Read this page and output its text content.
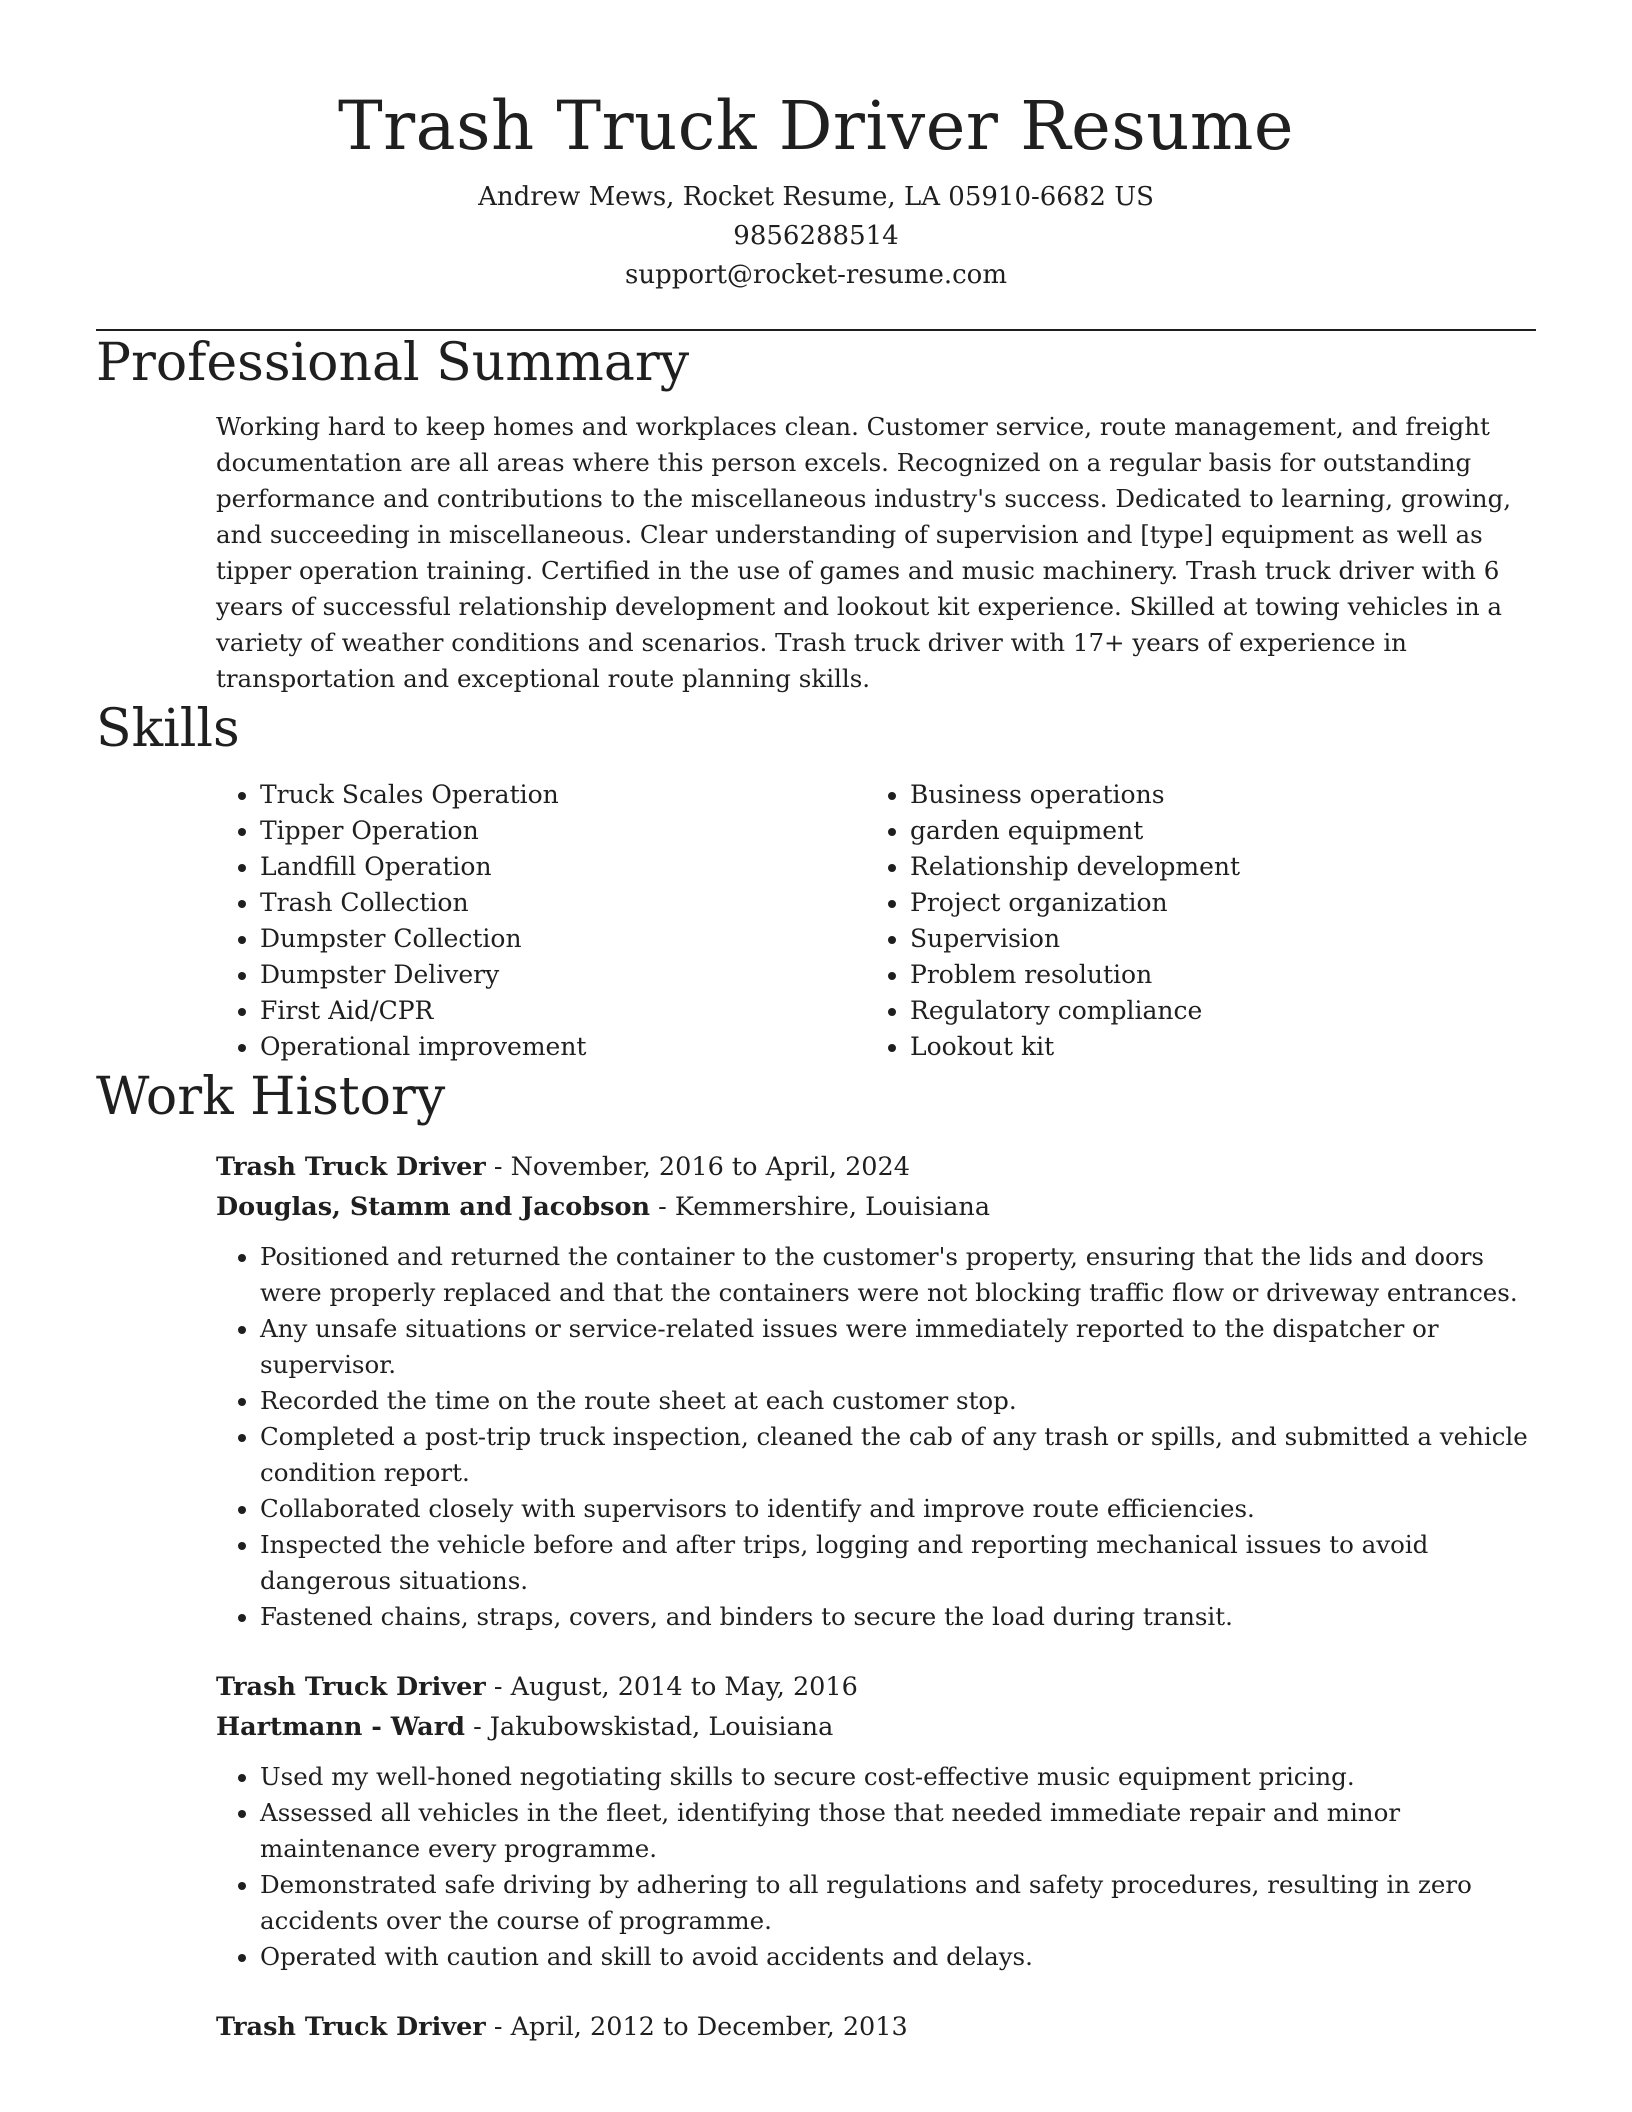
Trash Truck Driver Resume
Andrew Mews, Rocket Resume, LA 05910-6682 US
9856288514
support@rocket-resume.com
Professional Summary

Working hard to keep homes and workplaces clean. Customer service, route management, and freight documentation are all areas where this person excels. Recognized on a regular basis for outstanding performance and contributions to the miscellaneous industry's success. Dedicated to learning, growing, and succeeding in miscellaneous. Clear understanding of supervision and [type] equipment as well as tipper operation training. Certified in the use of games and music machinery. Trash truck driver with 6 years of successful relationship development and lookout kit experience. Skilled at towing vehicles in a variety of weather conditions and scenarios. Trash truck driver with 17+ years of experience in transportation and exceptional route planning skills.

Skills
• Truck Scales Operation
• Tipper Operation
• Landfill Operation
• Trash Collection
• Dumpster Collection
• Dumpster Delivery
• First Aid/CPR
• Operational improvement
• Business operations
• garden equipment
• Relationship development
• Project organization
• Supervision
• Problem resolution
• Regulatory compliance
• Lookout kit
Work History
Trash Truck Driver - November, 2016 to April, 2024
Douglas, Stamm and Jacobson - Kemmershire, Louisiana
• Positioned and returned the container to the customer's property, ensuring that the lids and doors were properly replaced and that the containers were not blocking traffic flow or driveway entrances.
• Any unsafe situations or service-related issues were immediately reported to the dispatcher or supervisor.
• Recorded the time on the route sheet at each customer stop.
• Completed a post-trip truck inspection, cleaned the cab of any trash or spills, and submitted a vehicle condition report.
• Collaborated closely with supervisors to identify and improve route efficiencies.
• Inspected the vehicle before and after trips, logging and reporting mechanical issues to avoid dangerous situations.
• Fastened chains, straps, covers, and binders to secure the load during transit.
Trash Truck Driver - August, 2014 to May, 2016
Hartmann - Ward - Jakubowskistad, Louisiana
• Used my well-honed negotiating skills to secure cost-effective music equipment pricing.
• Assessed all vehicles in the fleet, identifying those that needed immediate repair and minor maintenance every programme.
• Demonstrated safe driving by adhering to all regulations and safety procedures, resulting in zero accidents over the course of programme.
• Operated with caution and skill to avoid accidents and delays.
Trash Truck Driver - April, 2012 to December, 2013
